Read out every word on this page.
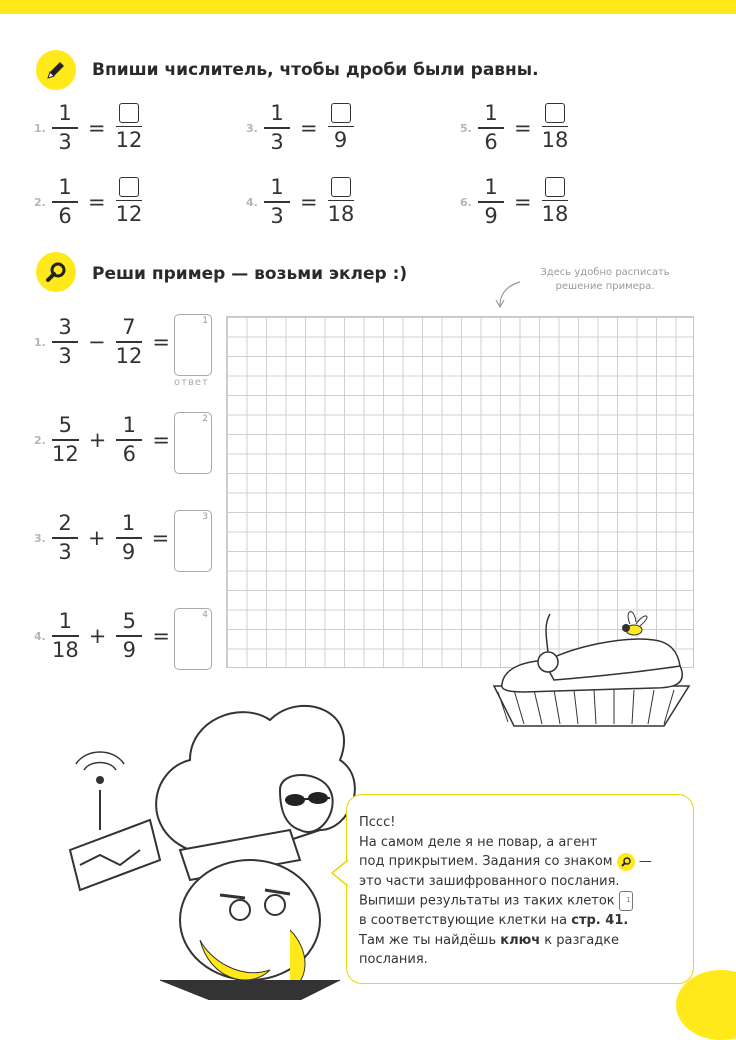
Впиши числитель, чтобы дроби были равны.
1. $\frac{1}{3}$ =
12
2. $\frac{1}{6}$ =
12
3. $\frac{1}{3}$ =
9
4. $\frac{1}{3}$ =
18
5. $\frac{1}{6}$ =
18
6. $\frac{1}{9}$ =
18
Реши пример — возьми эклер :)	Здесь удобно расписать
решение примера.
1. $\frac{3}{3} - \frac{7}{12}$ =
1
ответ
2. $\frac{5}{12} + \frac{1}{6}$ =
2
3. $\frac{2}{3} + \frac{1}{9}$ =
3
4. $\frac{1}{18} + \frac{5}{9}$ =
4

Пссс!

На самом деле я не повар, а агент

под прикрытием. Задания со знаком
—

это части зашифрованного послания.

Выпиши результаты из таких клеток 1

в соответствующие клетки на стр. 41.

Там же ты найдёшь ключ к разгадке

послания.
